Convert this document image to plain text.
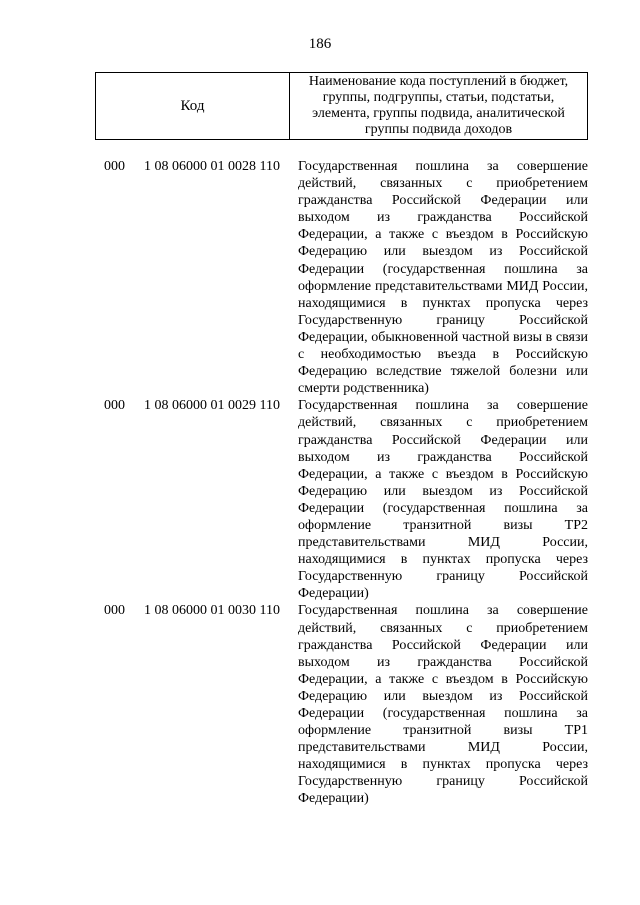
186
Код
Наименование кода поступлений в бюджет, группы, подгруппы, статьи, подстатьи, элемента, группы подвида, аналитической группы подвида доходов
000 1 08 06000 01 0028 110 Государственная пошлина за совершение действий, связанных с приобретением гражданства Российской Федерации или выходом из гражданства Российской Федерации, а также с въездом в Российскую Федерацию или выездом из Российской Федерации (государственная пошлина за оформление представительствами МИД России, находящимися в пунктах пропуска через Государственную границу Российской Федерации, обыкновенной частной визы в связи с необходимостью въезда в Российскую Федерацию вследствие тяжелой болезни или смерти родственника)
000 1 08 06000 01 0029 110 Государственная пошлина за совершение действий, связанных с приобретением гражданства Российской Федерации или выходом из гражданства Российской Федерации, а также с въездом в Российскую Федерацию или выездом из Российской Федерации (государственная пошлина за оформление транзитной визы ТР2 представительствами МИД России, находящимися в пунктах пропуска через Государственную границу Российской Федерации)
000 1 08 06000 01 0030 110 Государственная пошлина за совершение действий, связанных с приобретением гражданства Российской Федерации или выходом из гражданства Российской Федерации, а также с въездом в Российскую Федерацию или выездом из Российской Федерации (государственная пошлина за оформление транзитной визы ТР1 представительствами МИД России, находящимися в пунктах пропуска через Государственную границу Российской Федерации)
